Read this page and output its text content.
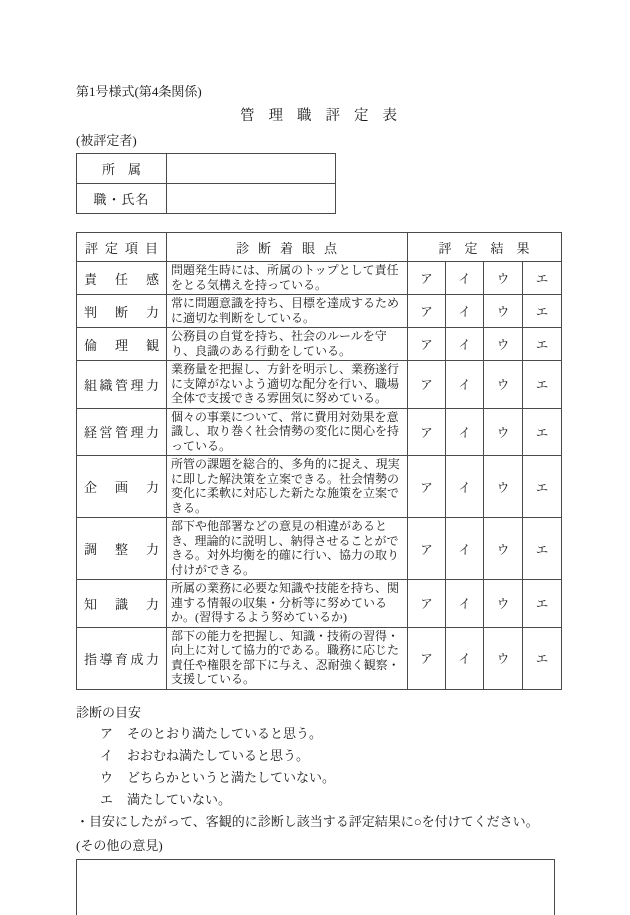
第1号様式(第4条関係)
管理職評定表
(被評定者)
所属	
職・氏名	
評定項目	診断着眼点	評定結果			
責任感	問題発生時には、所属のトップとして責任をとる気構えを持っている。	ア	イ	ウ	エ
判断力	常に問題意識を持ち、目標を達成するために適切な判断をしている。	ア	イ	ウ	エ
倫理観	公務員の自覚を持ち、社会のルールを守り、良識のある行動をしている。	ア	イ	ウ	エ
組織管理力	業務量を把握し、方針を明示し、業務遂行に支障がないよう適切な配分を行い、職場全体で支援できる雰囲気に努めている。	ア	イ	ウ	エ
経営管理力	個々の事業について、常に費用対効果を意識し、取り巻く社会情勢の変化に関心を持っている。	ア	イ	ウ	エ
企画力	所管の課題を総合的、多角的に捉え、現実に即した解決策を立案できる。社会情勢の変化に柔軟に対応した新たな施策を立案できる。	ア	イ	ウ	エ
調整力	部下や他部署などの意見の相違があるとき、理論的に説明し、納得させることができる。対外均衡を的確に行い、協力の取り付けができる。	ア	イ	ウ	エ
知識力	所属の業務に必要な知識や技能を持ち、関連する情報の収集・分析等に努めているか。(習得するよう努めているか)	ア	イ	ウ	エ
指導育成力	部下の能力を把握し、知識・技術の習得・向上に対して協力的である。職務に応じた責任や権限を部下に与え、忍耐強く観察・支援している。	ア	イ	ウ	エ
診断の目安
ア そのとおり満たしていると思う。
イ おおむね満たしていると思う。
ウ どちらかというと満たしていない。
エ 満たしていない。
・目安にしたがって、客観的に診断し該当する評定結果に○を付けてください。
(その他の意見)
